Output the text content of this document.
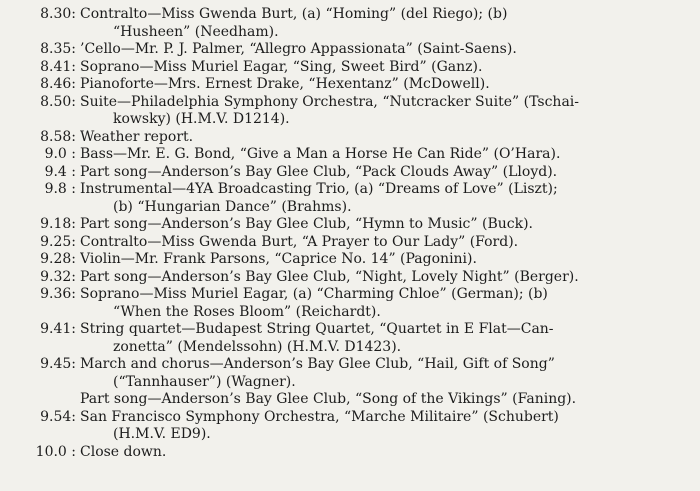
8.30: Contralto—Miss Gwenda Burt, (a) “Homing” (del Riego); (b)
“Husheen” (Needham).
8.35: ’Cello—Mr. P. J. Palmer, “Allegro Appassionata” (Saint-Saens).
8.41: Soprano—Miss Muriel Eagar, “Sing, Sweet Bird” (Ganz).
8.46: Pianoforte—Mrs. Ernest Drake, “Hexentanz” (McDowell).
8.50: Suite—Philadelphia Symphony Orchestra, “Nutcracker Suite” (Tschai-
kowsky) (H.M.V. D1214).
8.58: Weather report.
9.0 : Bass—Mr. E. G. Bond, “Give a Man a Horse He Can Ride” (O’Hara).
9.4 : Part song—Anderson’s Bay Glee Club, “Pack Clouds Away” (Lloyd).
9.8 : Instrumental—4YA Broadcasting Trio, (a) “Dreams of Love” (Liszt);
(b) “Hungarian Dance” (Brahms).
9.18: Part song—Anderson’s Bay Glee Club, “Hymn to Music” (Buck).
9.25: Contralto—Miss Gwenda Burt, “A Prayer to Our Lady” (Ford).
9.28: Violin—Mr. Frank Parsons, “Caprice No. 14” (Pagonini).
9.32: Part song—Anderson’s Bay Glee Club, “Night, Lovely Night” (Berger).
9.36: Soprano—Miss Muriel Eagar, (a) “Charming Chloe” (German); (b)
“When the Roses Bloom” (Reichardt).
9.41: String quartet—Budapest String Quartet, “Quartet in E Flat—Can-
zonetta” (Mendelssohn) (H.M.V. D1423).
9.45: March and chorus—Anderson’s Bay Glee Club, “Hail, Gift of Song”
(“Tannhauser”) (Wagner).
Part song—Anderson’s Bay Glee Club, “Song of the Vikings” (Faning).
9.54: San Francisco Symphony Orchestra, “Marche Militaire” (Schubert)
(H.M.V. ED9).
10.0 : Close down.
